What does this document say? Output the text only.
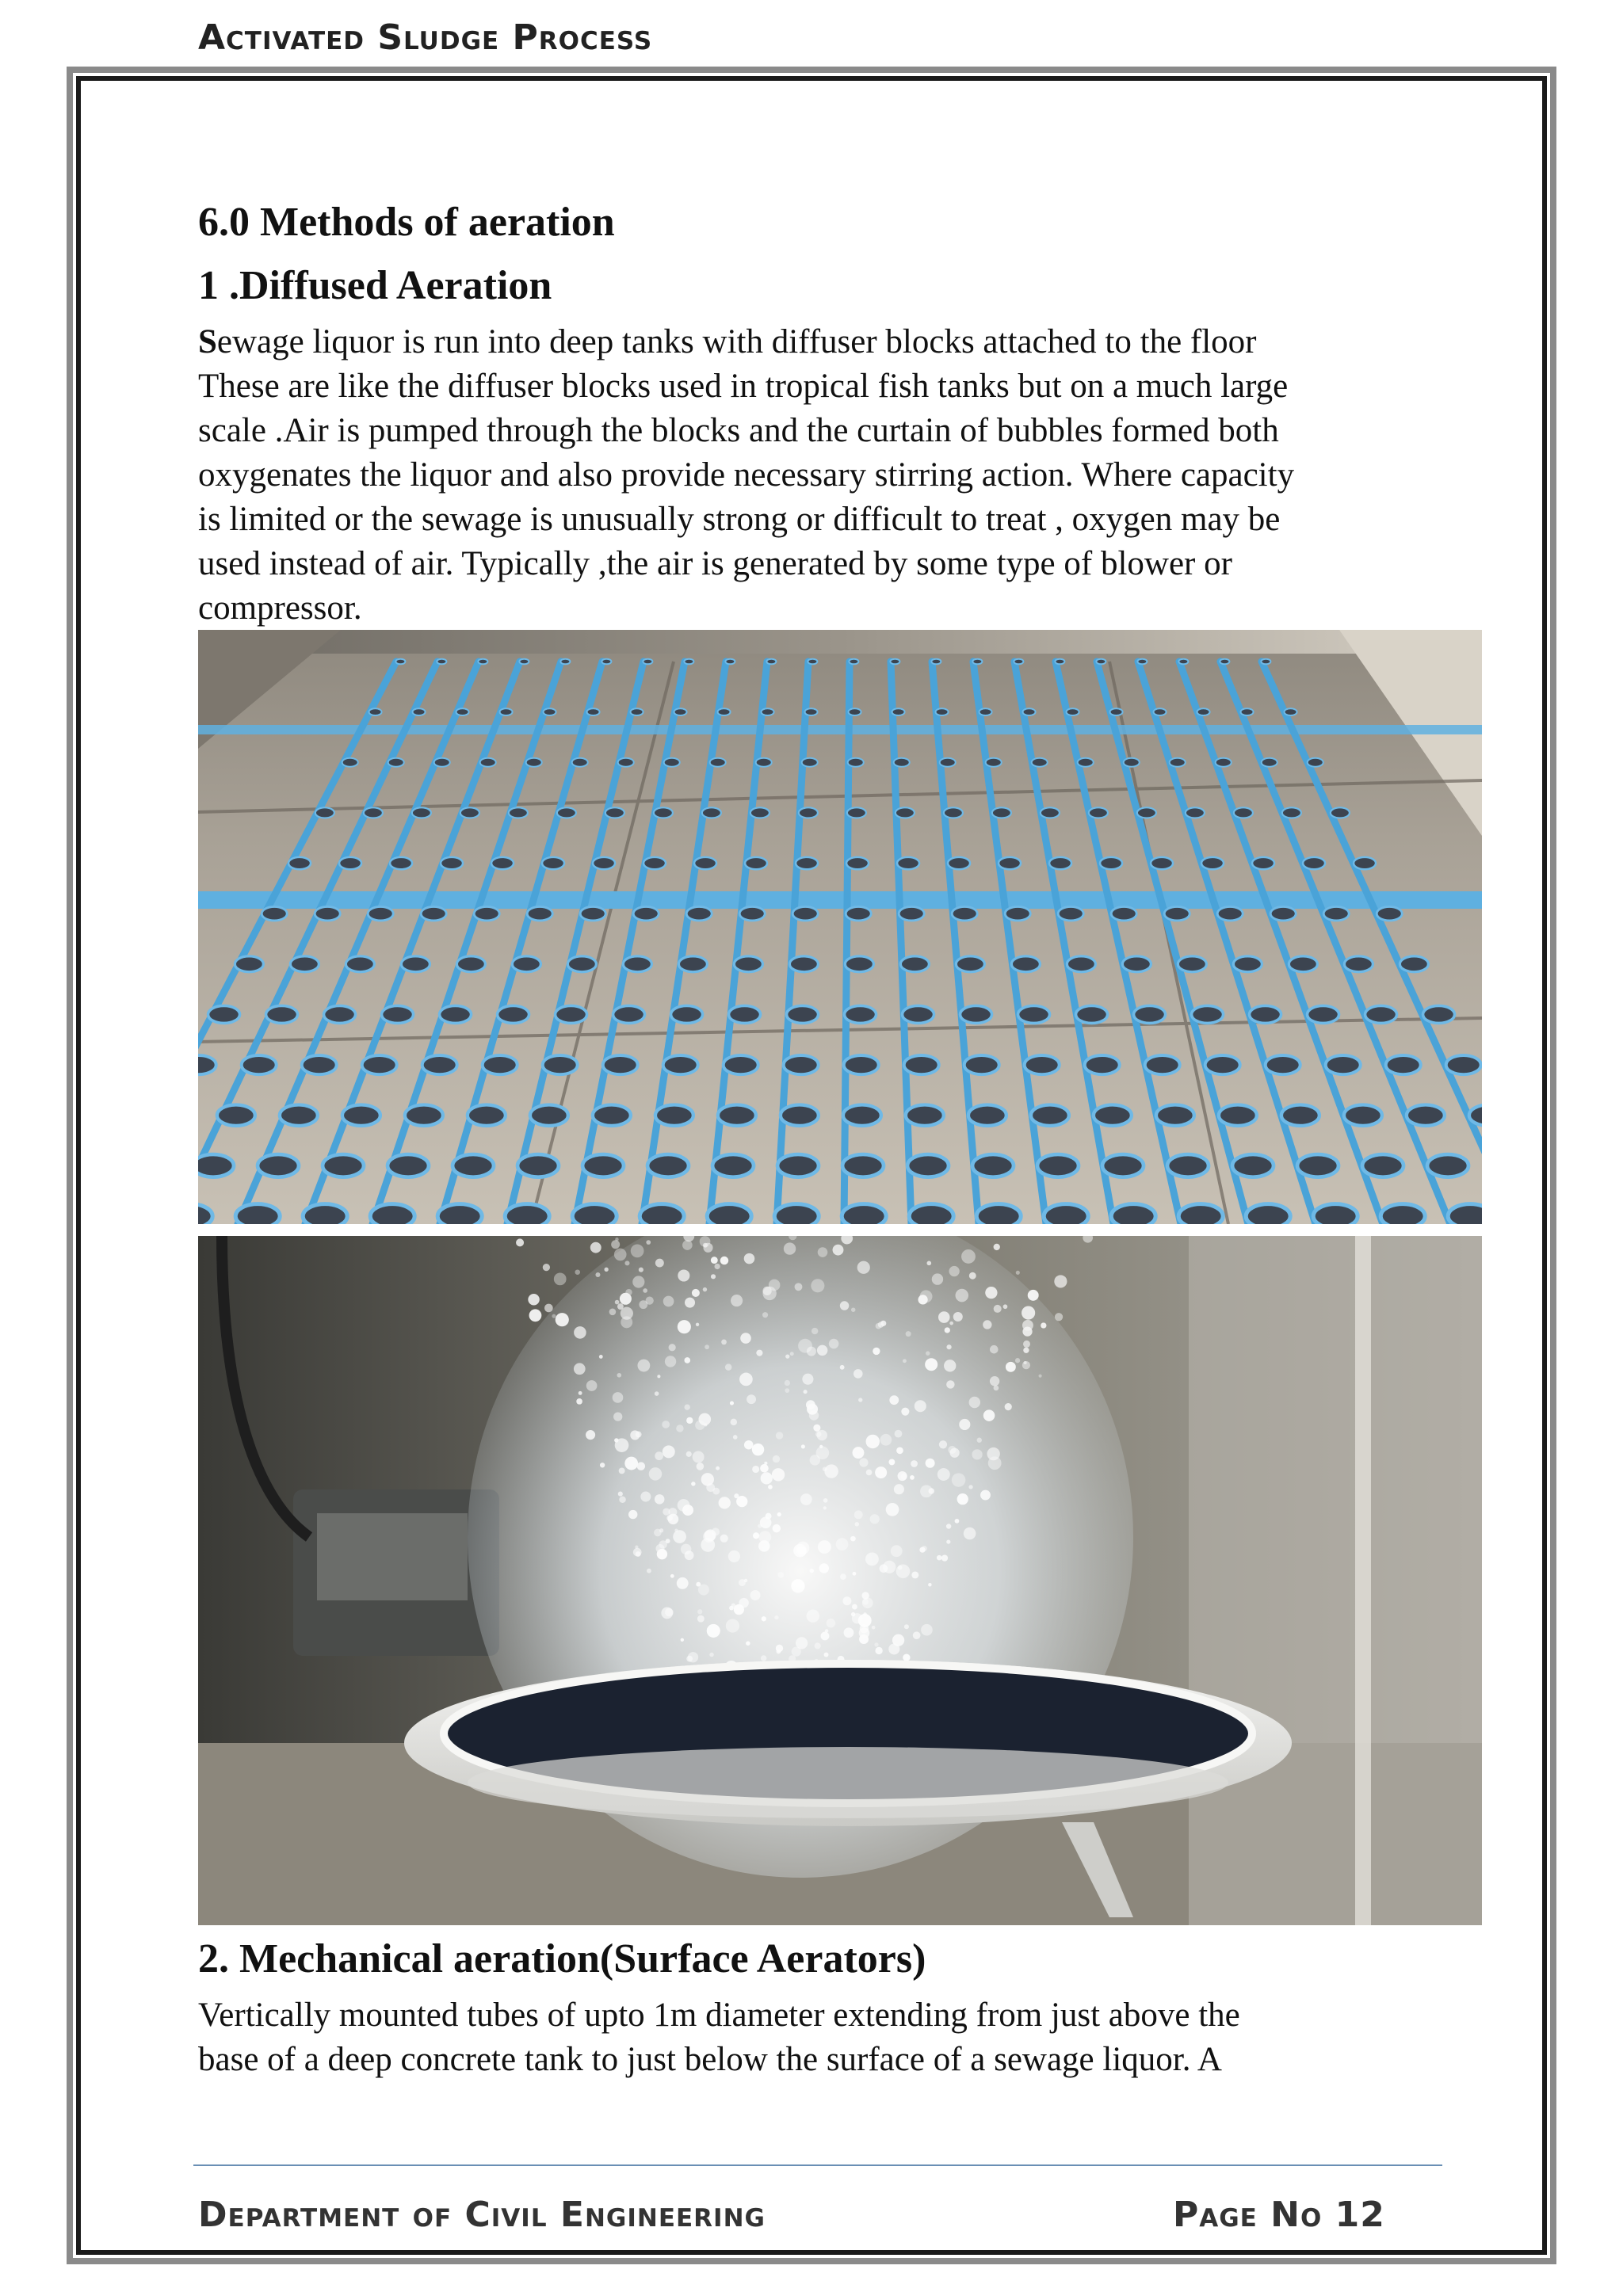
Activated Sludge Process
6.0 Methods of aeration
1 .Diffused Aeration
Sewage liquor is run into deep tanks with diffuser blocks attached to the floor
These are like the diffuser blocks used in tropical fish tanks but on a much large
scale .Air is pumped through the blocks and the curtain of bubbles formed both
oxygenates the liquor and also provide necessary stirring action. Where capacity
is limited or the sewage is unusually strong or difficult to treat , oxygen may be
used instead of air. Typically ,the air is generated by some type of blower or
compressor.
2. Mechanical aeration(Surface Aerators)
Vertically mounted tubes of upto 1m diameter extending from just above the
base of a deep concrete tank to just below the surface of a sewage liquor. A
Department of Civil Engineering	Page No 12
